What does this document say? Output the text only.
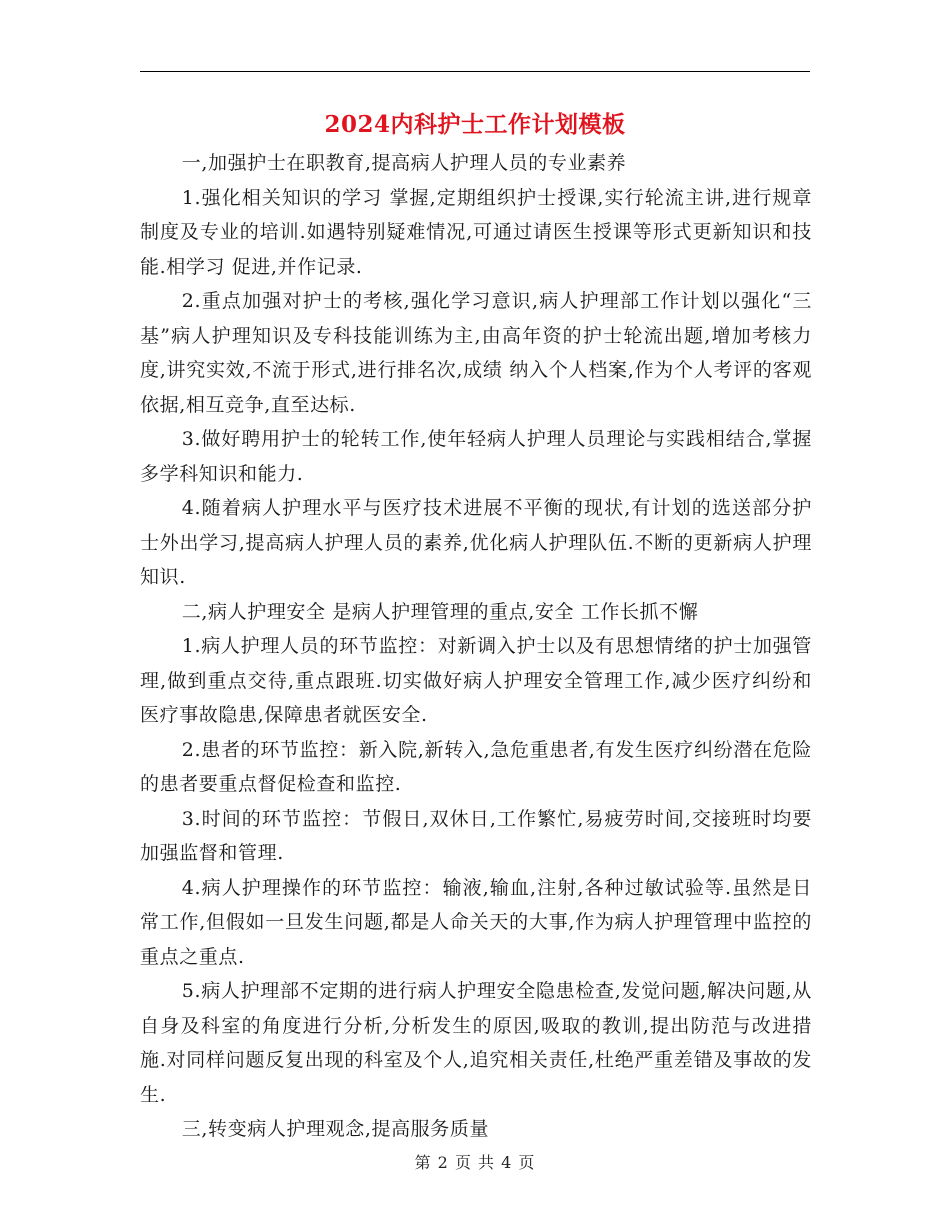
2024内科护士工作计划模板

一,加强护士在职教育,提高病人护理人员的专业素养

1.强化相关知识的学习 掌握,定期组织护士授课,实行轮流主讲,进行规章制度及专业的培训.如遇特别疑难情况,可通过请医生授课等形式更新知识和技能.相学习 促进,并作记录.

2.重点加强对护士的考核,强化学习意识,病人护理部工作计划以强化“三基”病人护理知识及专科技能训练为主,由高年资的护士轮流出题,增加考核力度,讲究实效,不流于形式,进行排名次,成绩 纳入个人档案,作为个人考评的客观依据,相互竞争,直至达标.

3.做好聘用护士的轮转工作,使年轻病人护理人员理论与实践相结合,掌握多学科知识和能力.

4.随着病人护理水平与医疗技术进展不平衡的现状,有计划的选送部分护士外出学习,提高病人护理人员的素养,优化病人护理队伍.不断的更新病人护理知识.

二,病人护理安全 是病人护理管理的重点,安全 工作长抓不懈

1.病人护理人员的环节监控：对新调入护士以及有思想情绪的护士加强管理,做到重点交待,重点跟班.切实做好病人护理安全管理工作,减少医疗纠纷和医疗事故隐患,保障患者就医安全.

2.患者的环节监控：新入院,新转入,急危重患者,有发生医疗纠纷潜在危险的患者要重点督促检查和监控.

3.时间的环节监控：节假日,双休日,工作繁忙,易疲劳时间,交接班时均要加强监督和管理.

4.病人护理操作的环节监控：输液,输血,注射,各种过敏试验等.虽然是日常工作,但假如一旦发生问题,都是人命关天的大事,作为病人护理管理中监控的重点之重点.

5.病人护理部不定期的进行病人护理安全隐患检查,发觉问题,解决问题,从自身及科室的角度进行分析,分析发生的原因,吸取的教训,提出防范与改进措施.对同样问题反复出现的科室及个人,追究相关责任,杜绝严重差错及事故的发生.

三,转变病人护理观念,提高服务质量

第 2 页 共 4 页
